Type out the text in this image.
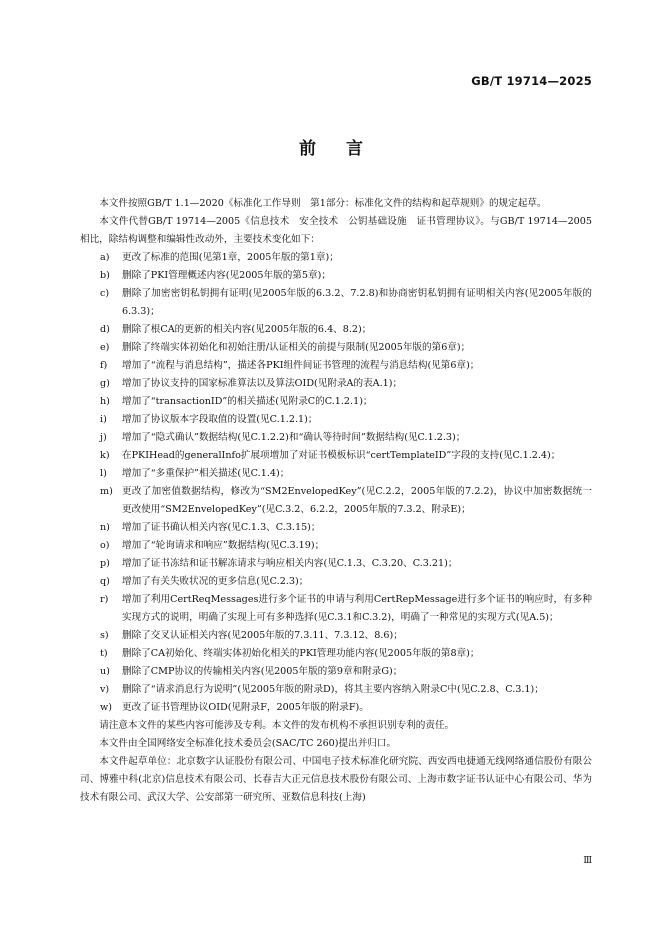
GB/T 19714—2025
前言

本文件按照GB/T 1.1—2020《标准化工作导则　第1部分：标准化文件的结构和起草规则》的规定起草。

本文件代替GB/T 19714—2005《信息技术　安全技术　公钥基础设施　证书管理协议》。与GB/T 19714—2005相比，除结构调整和编辑性改动外，主要技术变化如下：

a)	更改了标准的范围(见第1章，2005年版的第1章)；
b)	删除了PKI管理概述内容(见2005年版的第5章)；
c)	删除了加密密钥私钥拥有证明(见2005年版的6.3.2、7.2.8)和协商密钥私钥拥有证明相关内容(见2005年版的6.3.3)；
d)	删除了根CA的更新的相关内容(见2005年版的6.4、8.2)；
e)	删除了终端实体初始化和初始注册/认证相关的前提与限制(见2005年版的第6章)；
f)	增加了“流程与消息结构”，描述各PKI组件间证书管理的流程与消息结构(见第6章)；
g)	增加了协议支持的国家标准算法以及算法OID(见附录A的表A.1)；
h)	增加了“transactionID”的相关描述(见附录C的C.1.2.1)；
i)	增加了协议版本字段取值的设置(见C.1.2.1)；
j)	增加了“隐式确认”数据结构(见C.1.2.2)和“确认等待时间”数据结构(见C.1.2.3)；
k)	在PKIHead的generalInfo扩展项增加了对证书模板标识“certTemplateID”字段的支持(见C.1.2.4)；
l)	增加了“多重保护”相关描述(见C.1.4)；
m) 更改了加密值数据结构，修改为“SM2EnvelopedKey”(见C.2.2，2005年版的7.2.2)，协议中加密数据统一更改使用“SM2EnvelopedKey”(见C.3.2、6.2.2，2005年版的7.3.2、附录E)；
n)	增加了证书确认相关内容(见C.1.3、C.3.15)；
o)	增加了“轮询请求和响应”数据结构(见C.3.19)；
p)	增加了证书冻结和证书解冻请求与响应相关内容(见C.1.3、C.3.20、C.3.21)；
q)	增加了有关失败状况的更多信息(见C.2.3)；
r)	增加了利用CertReqMessages进行多个证书的申请与利用CertRepMessage进行多个证书的响应时，有多种实现方式的说明，明确了实现上可有多种选择(见C.3.1和C.3.2)，明确了一种常见的实现方式(见A.5)；
s)	删除了交叉认证相关内容(见2005年版的7.3.11、7.3.12、8.6)；
t)	删除了CA初始化、终端实体初始化相关的PKI管理功能内容(见2005年版的第8章)；
u)	删除了CMP协议的传输相关内容(见2005年版的第9章和附录G)；
v)	删除了“请求消息行为说明”(见2005年版的附录D)，将其主要内容纳入附录C中(见C.2.8、C.3.1)；
w)	更改了证书管理协议OID(见附录F，2005年版的附录F)。

请注意本文件的某些内容可能涉及专利。本文件的发布机构不承担识别专利的责任。

本文件由全国网络安全标准化技术委员会(SAC/TC 260)提出并归口。

本文件起草单位：北京数字认证股份有限公司、中国电子技术标准化研究院、西安西电捷通无线网络通信股份有限公司、博雅中科(北京)信息技术有限公司、长春吉大正元信息技术股份有限公司、上海市数字证书认证中心有限公司、华为技术有限公司、武汉大学、公安部第一研究所、亚数信息科技(上海)

Ⅲ
